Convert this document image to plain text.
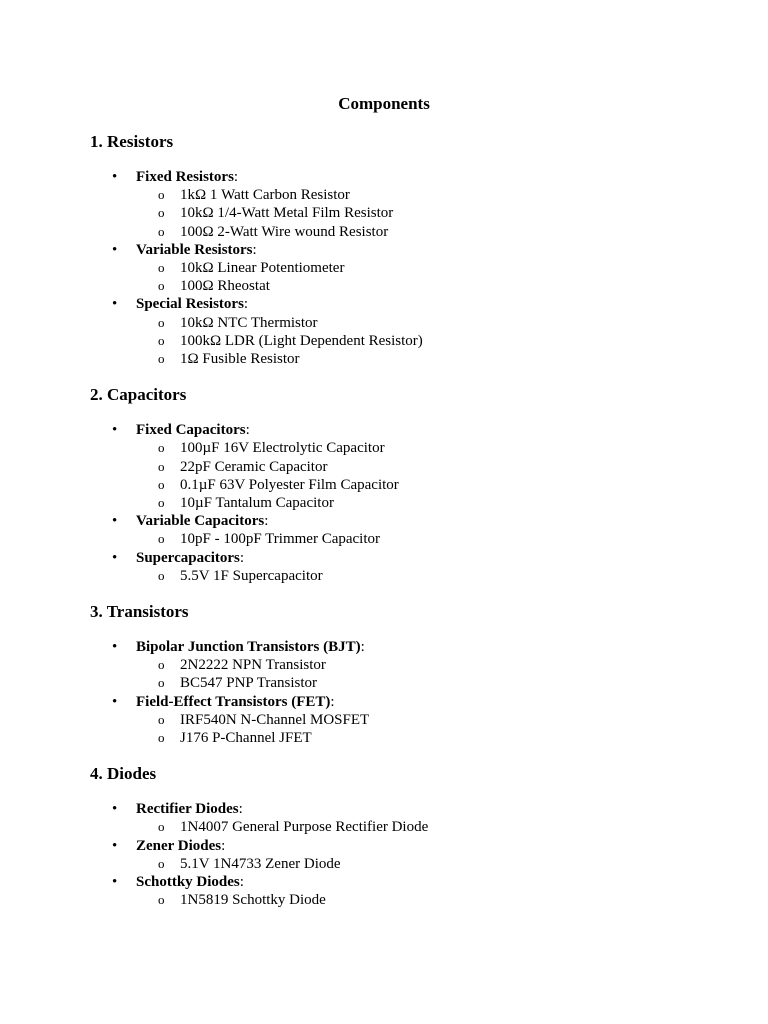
Components
1. Resistors
•	Fixed Resistors:
o 1kΩ 1 Watt Carbon Resistor
o 10kΩ 1/4-Watt Metal Film Resistor
o 100Ω 2-Watt Wire wound Resistor
•	Variable Resistors:
o 10kΩ Linear Potentiometer
o 100Ω Rheostat
•	Special Resistors:
o 10kΩ NTC Thermistor
o 100kΩ LDR (Light Dependent Resistor)
o 1Ω Fusible Resistor
2. Capacitors
•	Fixed Capacitors:
o 100µF 16V Electrolytic Capacitor
o 22pF Ceramic Capacitor
o 0.1µF 63V Polyester Film Capacitor
o 10µF Tantalum Capacitor
•	Variable Capacitors:
o 10pF - 100pF Trimmer Capacitor
•	Supercapacitors:
o 5.5V 1F Supercapacitor
3. Transistors
•	Bipolar Junction Transistors (BJT):
o 2N2222 NPN Transistor
o BC547 PNP Transistor
•	Field-Effect Transistors (FET):
o IRF540N N-Channel MOSFET
o J176 P-Channel JFET
4. Diodes
•	Rectifier Diodes:
o 1N4007 General Purpose Rectifier Diode
•	Zener Diodes:
o 5.1V 1N4733 Zener Diode
•	Schottky Diodes:
o 1N5819 Schottky Diode
